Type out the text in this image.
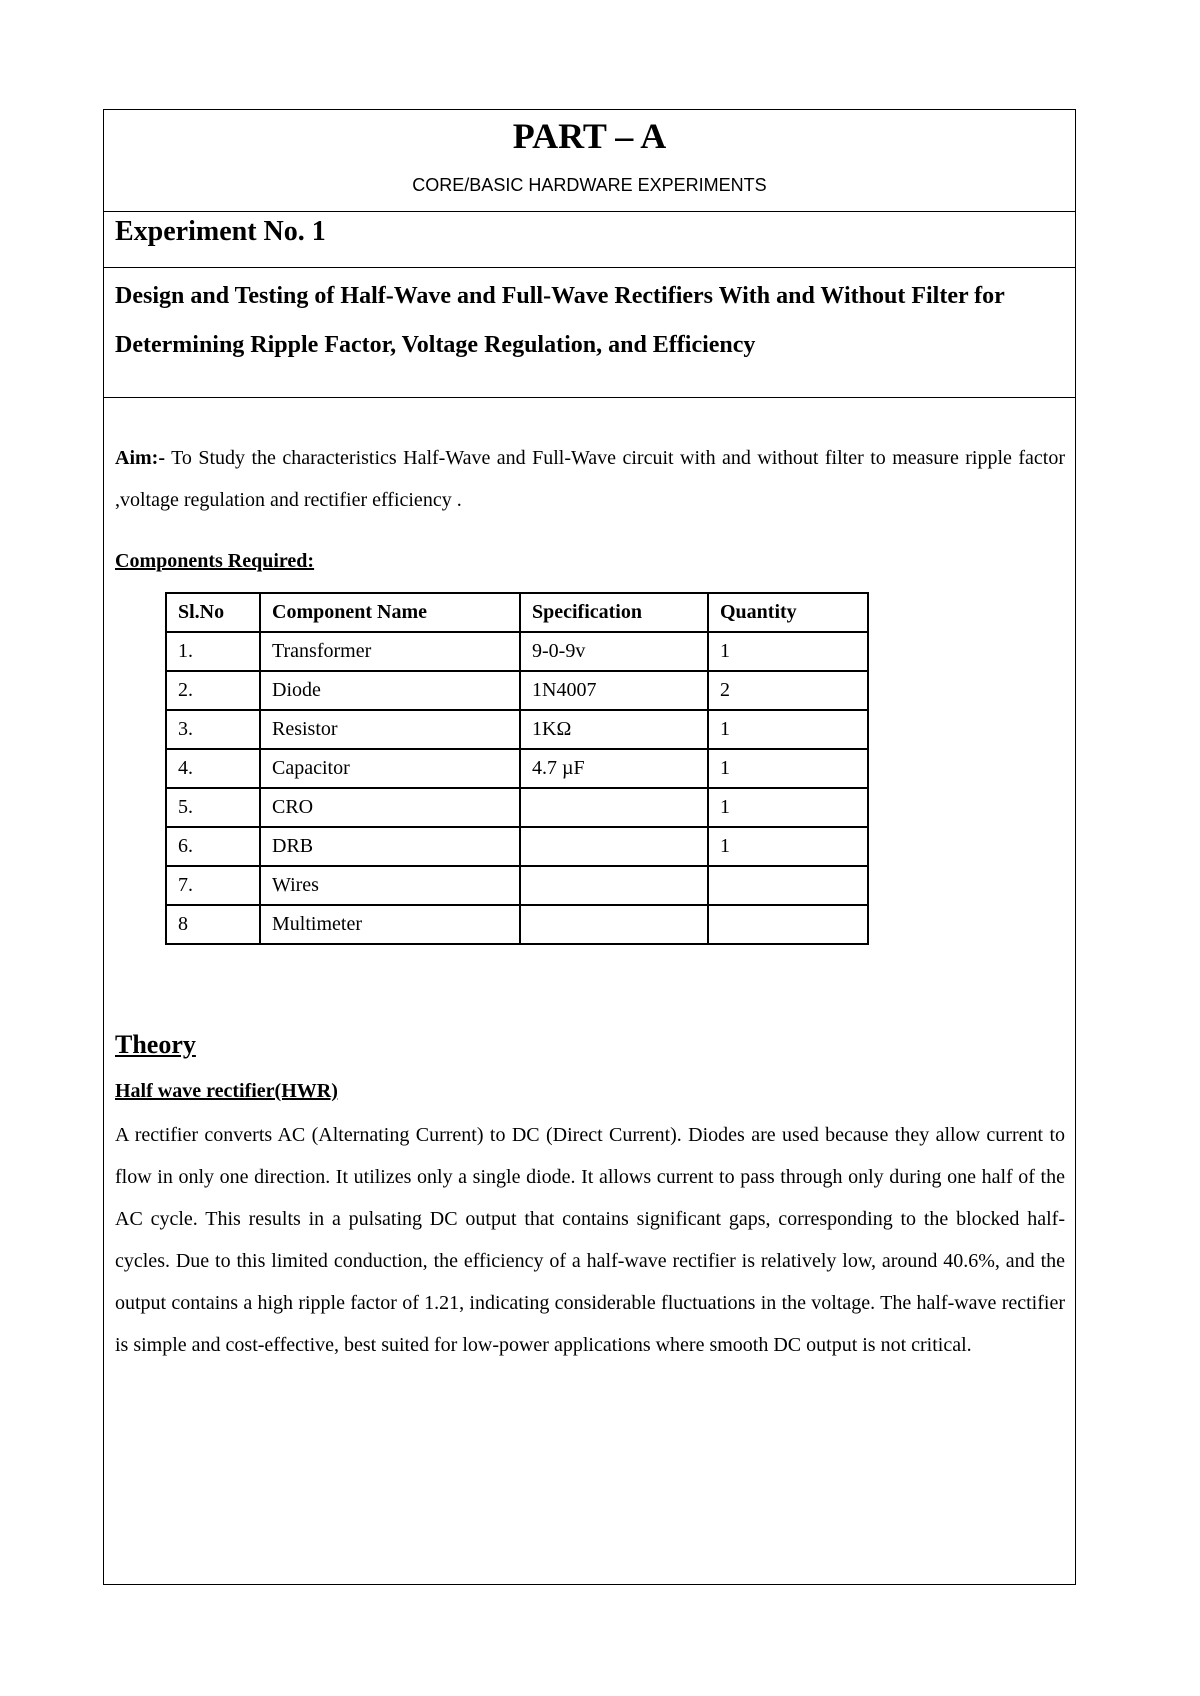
PART – A
CORE/BASIC HARDWARE EXPERIMENTS
Experiment No. 1
Design and Testing of Half-Wave and Full-Wave Rectifiers With and Without Filter for Determining Ripple Factor, Voltage Regulation, and Efficiency
Aim:- To Study the characteristics Half-Wave and Full-Wave circuit with and without filter to measure ripple factor ,voltage regulation and rectifier efficiency .
Components Required:
Sl.No	Component Name	Specification	Quantity
1.	Transformer	9-0-9v	1
2.	Diode	1N4007	2
3.	Resistor	1KΩ	1
4.	Capacitor	4.7 µF	1
5.	CRO		1
6.	DRB		1
7.	Wires		
8	Multimeter		
Theory
Half wave rectifier(HWR)
A rectifier converts AC (Alternating Current) to DC (Direct Current). Diodes are used because they allow current to flow in only one direction. It utilizes only a single diode. It allows current to pass through only during one half of the AC cycle. This results in a pulsating DC output that contains significant gaps, corresponding to the blocked half-cycles. Due to this limited conduction, the efficiency of a half-wave rectifier is relatively low, around 40.6%, and the output contains a high ripple factor of 1.21, indicating considerable fluctuations in the voltage. The half-wave rectifier is simple and cost-effective, best suited for low-power applications where smooth DC output is not critical.
